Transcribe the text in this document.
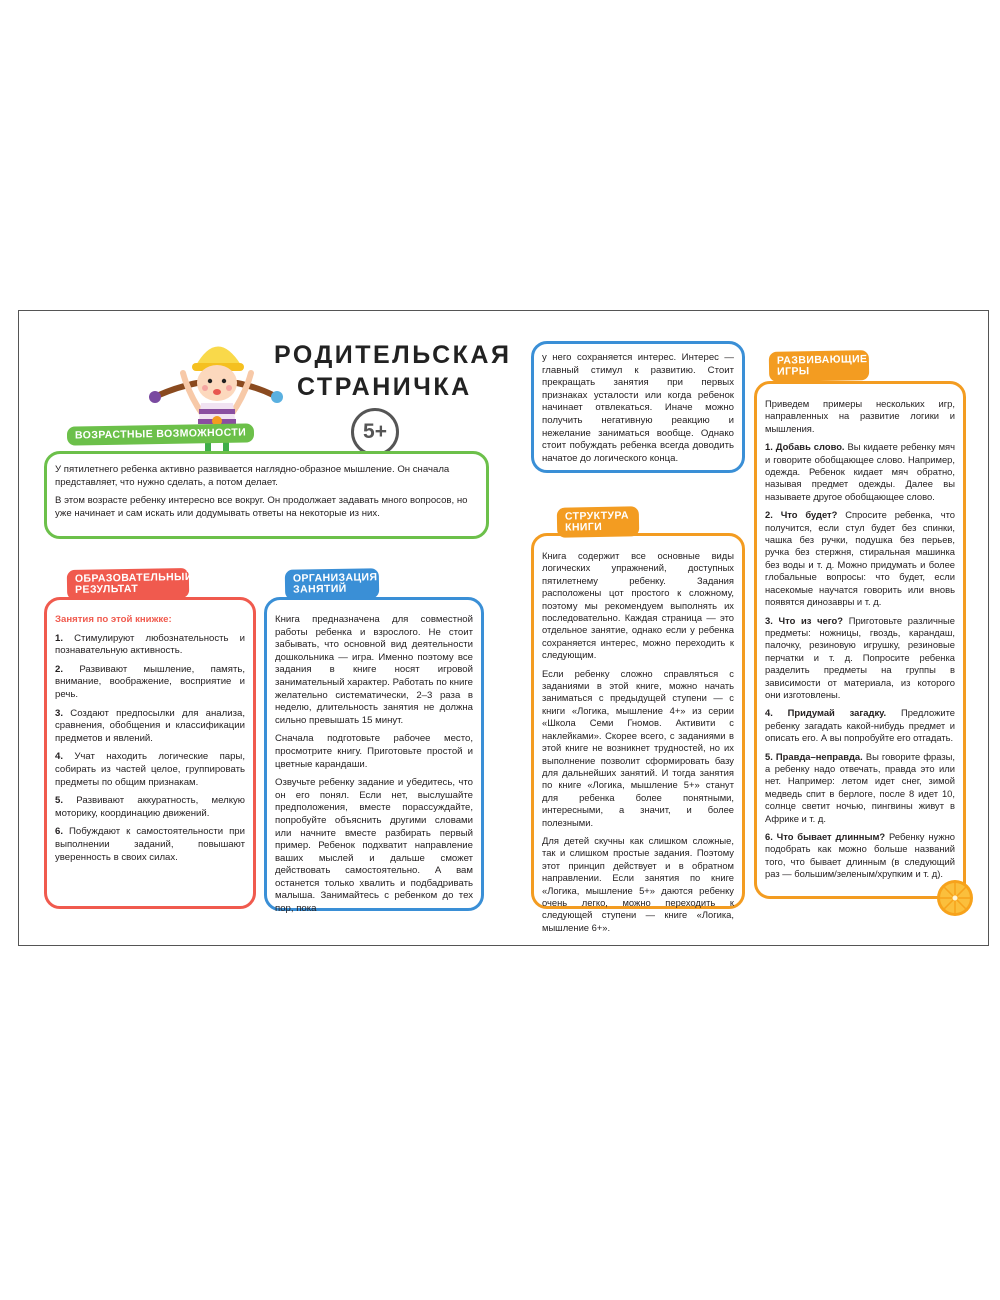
РОДИТЕЛЬСКАЯ
СТРАНИЧКА
5+
ВОЗРАСТНЫЕ ВОЗМОЖНОСТИ

У пятилетнего ребенка активно развивается наглядно-образное мышление. Он сначала представляет, что нужно сделать, а потом делает.

В этом возрасте ребенку интересно все вокруг. Он продолжает задавать много вопросов, но уже начинает и сам искать или додумывать ответы на некоторые из них.

ОБРАЗОВАТЕЛЬНЫЙ РЕЗУЛЬТАТ

Занятия по этой книжке:

1. Стимулируют любознательность и познавательную активность.

2. Развивают мышление, память, внимание, воображение, восприятие и речь.

3. Создают предпосылки для анализа, сравнения, обобщения и классификации предметов и явлений.

4. Учат находить логические пары, собирать из частей целое, группировать предметы по общим признакам.

5. Развивают аккуратность, мелкую моторику, координацию движений.

6. Побуждают к самостоятельности при выполнении заданий, повышают уверенность в своих силах.

ОРГАНИЗАЦИЯ ЗАНЯТИЙ

Книга предназначена для совместной работы ребенка и взрослого. Не стоит забывать, что основной вид деятельности дошкольника — игра. Именно поэтому все задания в книге носят игровой занимательный характер. Работать по книге желательно систематически, 2–3 раза в неделю, длительность занятия не должна сильно превышать 15 минут.

Сначала подготовьте рабочее место, просмотрите книгу. Приготовьте простой и цветные карандаши.

Озвучьте ребенку задание и убедитесь, что он его понял. Если нет, выслушайте предположения, вместе порассуждайте, попробуйте объяснить другими словами или начните вместе разбирать первый пример. Ребенок подхватит направление ваших мыслей и дальше сможет действовать самостоятельно. А вам останется только хвалить и подбадривать малыша. Занимайтесь с ребенком до тех пор, пока

у него сохраняется интерес. Интерес — главный стимул к развитию. Стоит прекращать занятия при первых признаках усталости или когда ребенок начинает отвлекаться. Иначе можно получить негативную реакцию и нежелание заниматься вообще. Однако стоит побуждать ребенка всегда доводить начатое до логического конца.

СТРУКТУРА КНИГИ

Книга содержит все основные виды логических упражнений, доступных пятилетнему ребенку. Задания расположены цот простого к сложному, поэтому мы рекомендуем выполнять их последовательно. Каждая страница — это отдельное занятие, однако если у ребенка сохраняется интерес, можно переходить к следующим.

Если ребенку сложно справляться с заданиями в этой книге, можно начать заниматься с предыдущей ступени — с книги «Логика, мышление 4+» из серии «Школа Семи Гномов. Активити с наклейками». Скорее всего, с заданиями в этой книге не возникнет трудностей, но их выполнение позволит сформировать базу для дальнейших занятий. И тогда занятия по книге «Логика, мышление 5+» станут для ребенка более понятными, интересными, а значит, и более полезными.

Для детей скучны как слишком сложные, так и слишком простые задания. Поэтому этот принцип действует и в обратном направлении. Если занятия по книге «Логика, мышление 5+» даются ребенку очень легко, можно переходить к следующей ступени — книге «Логика, мышление 6+».

РАЗВИВАЮЩИЕ ИГРЫ

Приведем примеры нескольких игр, направленных на развитие логики и мышления.

1. Добавь слово. Вы кидаете ребенку мяч и говорите обобщающее слово. Например, одежда. Ребенок кидает мяч обратно, называя предмет одежды. Далее вы называете другое обобщающее слово.

2. Что будет? Спросите ребенка, что получится, если стул будет без спинки, чашка без ручки, подушка без перьев, ручка без стержня, стиральная машинка без воды и т. д. Можно придумать и более глобальные вопросы: что будет, если насекомые научатся говорить или вновь появятся динозавры и т. д.

3. Что из чего? Приготовьте различные предметы: ножницы, гвоздь, карандаш, палочку, резиновую игрушку, резиновые перчатки и т. д. Попросите ребенка разделить предметы на группы в зависимости от материала, из которого они изготовлены.

4. Придумай загадку. Предложите ребенку загадать какой-нибудь предмет и описать его. А вы попробуйте его отгадать.

5. Правда–неправда. Вы говорите фразы, а ребенку надо отвечать, правда это или нет. Например: летом идет снег, зимой медведь спит в берлоге, после 8 идет 10, солнце светит ночью, пингвины живут в Африке и т. д.

6. Что бывает длинным? Ребенку нужно подобрать как можно больше названий того, что бывает длинным (в следующий раз — большим/зеленым/хрупким и т. д).
